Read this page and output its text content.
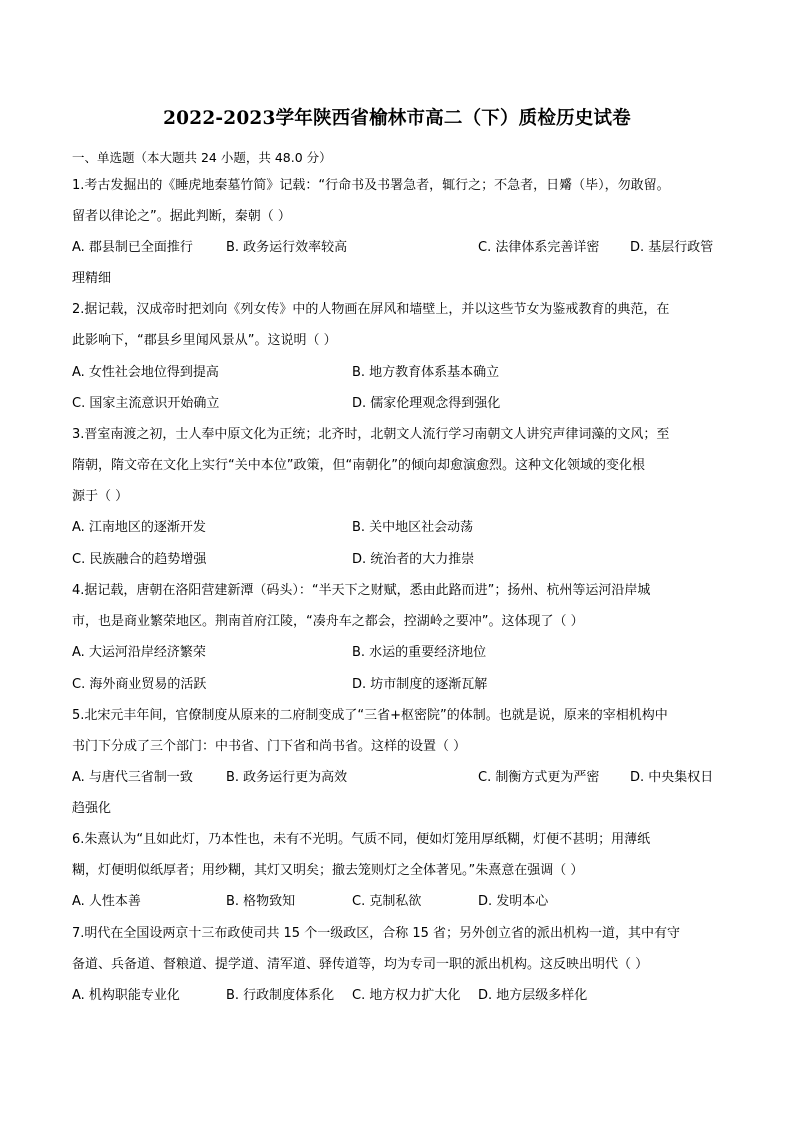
2022-2023学年陕西省榆林市高二（下）质检历史试卷
一、单选题（本大题共 24 小题，共 48.0 分）
1.考古发掘出的《睡虎地秦墓竹简》记载：“行命书及书署急者，辄行之；不急者，日觱（毕），勿敢留。
留者以律论之”。据此判断，秦朝（ ）
A. 郡县制已全面推行	B. 政务运行效率较高	C. 法律体系完善详密 D. 基层行政管
理精细
2.据记载，汉成帝时把刘向《列女传》中的人物画在屏风和墙壁上，并以这些节女为鉴戒教育的典范，在
此影响下，“郡县乡里闻风景从”。这说明（ ）
A. 女性社会地位得到提高	B. 地方教育体系基本确立
C. 国家主流意识开始确立	D. 儒家伦理观念得到强化
3.晋室南渡之初，士人奉中原文化为正统；北齐时，北朝文人流行学习南朝文人讲究声律词藻的文风；至
隋朝，隋文帝在文化上实行“关中本位”政策，但“南朝化”的倾向却愈演愈烈。这种文化领域的变化根
源于（ ）
A. 江南地区的逐渐开发	B. 关中地区社会动荡
C. 民族融合的趋势增强	D. 统治者的大力推崇
4.据记载，唐朝在洛阳营建新潭（码头）：“半天下之财赋，悉由此路而进”；扬州、杭州等运河沿岸城
市，也是商业繁荣地区。荆南首府江陵，“凑舟车之都会，控湖岭之要冲”。这体现了（ ）
A. 大运河沿岸经济繁荣	B. 水运的重要经济地位
C. 海外商业贸易的活跃	D. 坊市制度的逐渐瓦解
5.北宋元丰年间，官僚制度从原来的二府制变成了“三省+枢密院”的体制。也就是说，原来的宰相机构中
书门下分成了三个部门：中书省、门下省和尚书省。这样的设置（ ）
A. 与唐代三省制一致	B. 政务运行更为高效	C. 制衡方式更为严密 D. 中央集权日
趋强化
6.朱熹认为“且如此灯，乃本性也，未有不光明。气质不同，便如灯笼用厚纸糊，灯便不甚明；用薄纸
糊，灯便明似纸厚者；用纱糊，其灯又明矣；撤去笼则灯之全体著见。”朱熹意在强调（ ）
A. 人性本善	B. 格物致知	C. 克制私欲	D. 发明本心
7.明代在全国设两京十三布政使司共 15 个一级政区，合称 15 省；另外创立省的派出机构一道，其中有守
备道、兵备道、督粮道、提学道、清军道、驿传道等，均为专司一职的派出机构。这反映出明代（ ）
A. 机构职能专业化	B. 行政制度体系化 C. 地方权力扩大化 D. 地方层级多样化
